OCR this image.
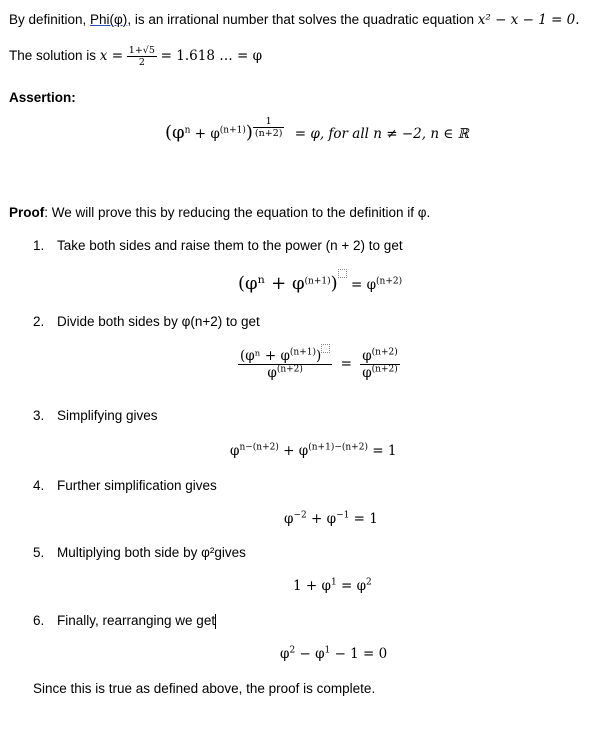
By definition, Phi(φ), is an irrational number that solves the quadratic equation x² − x − 1 = 0.
The solution is $x = \frac{1+√5}{2} = 1.618$ … = φ
Assertion:
$(\varphi^n + \varphi^{(n+1)}) \frac{1}{(n+2)} = \varphi$, for all n ≠ −2, n ∈ ℝ
Proof: We will prove this by reducing the equation to the definition if φ.
1. Take both sides and raise them to the power (n + 2) to get
$(\varphi^n + \varphi^{(n+1)}) = \varphi^{(n+2)}$
2. Divide both sides by φ(n+2) to get
$\frac{(\varphi^n + \varphi^{(n+1)})}{\varphi^{(n+2)}} = \frac{\varphi^{(n+2)}}{\varphi^{(n+2)}}$
3. Simplifying gives
$\varphi^{n-(n+2)} + \varphi^{(n+1)-(n+2)} = 1$
4. Further simplification gives
$\varphi^{-2} + \varphi^{-1} = 1$
5. Multiplying both side by φ²gives
$1 + \varphi^1 = \varphi^2$
6. Finally, rearranging we get
$\varphi^2 - \varphi^1 - 1 = 0$
Since this is true as defined above, the proof is complete.
